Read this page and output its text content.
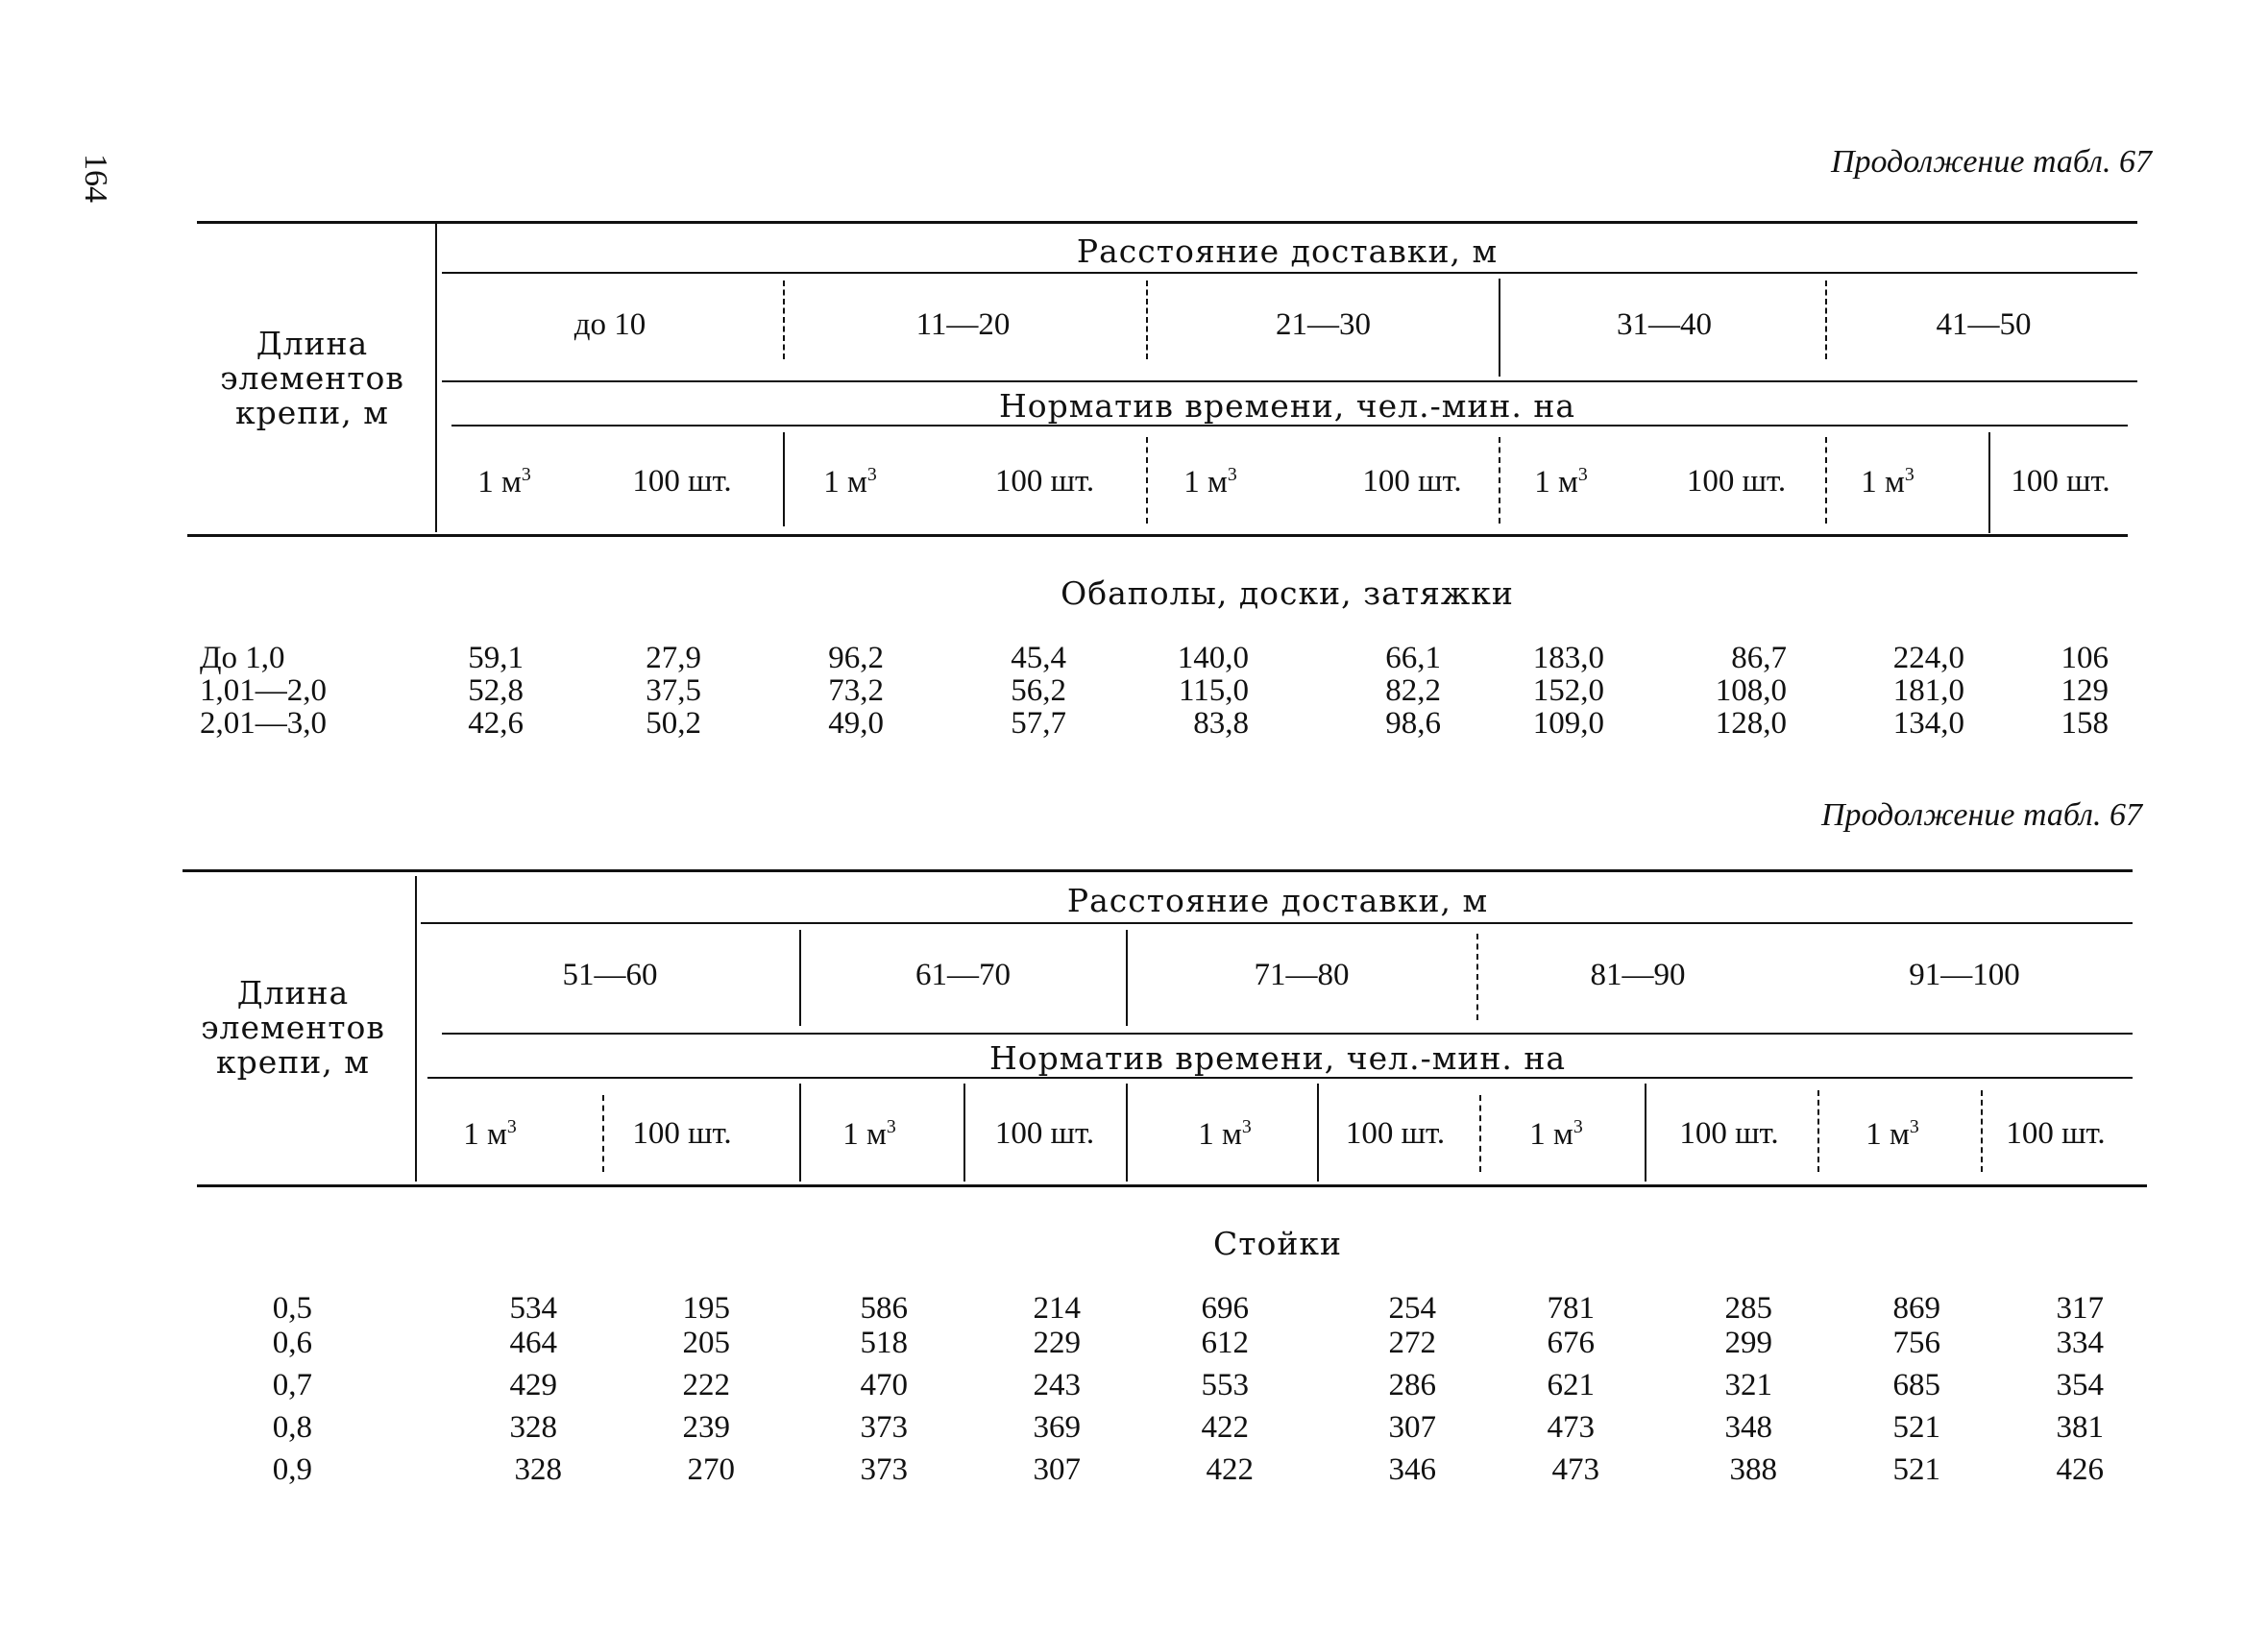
164	Продолжение табл. 67
Длина
элементов
крепи, м
Расстояние доставки, м
до 10	11—20	21—30	31—40	41—50
Норматив времени, чел.-мин. на
1 $м^3$	100 шт.	1 $м^3$	100 шт.	1 $м^3$	100 шт.	1 $м^3$	100 шт.	1 $м^3$	100 шт.
Обаполы, доски, затяжки
До 1,0	59,1	27,9	96,2	45,4	140,0	66,1	183,0	86,7	224,0	106
1,01—2,0	52,8	37,5	73,2	56,2	115,0	82,2	152,0	108,0	181,0	129
2,01—3,0	42,6	50,2	49,0	57,7	83,8	98,6	109,0	128,0	134,0	158
Продолжение табл. 67
Длина
элементов
крепи, м
Расстояние доставки, м
51—60	61—70	71—80	81—90	91—100
Норматив времени, чел.-мин. на
1 $м^3$	100 шт.	1 $м^3$	100 шт.	1 $м^3$	100 шт.	1 $м^3$	100 шт.	1 $м^3$	100 шт.
Стойки
0,5	534	195	586	214	696	254	781	285	869	317
0,6	464	205	518	229	612	272	676	299	756	334
0,7	429	222	470	243	553	286	621	321	685	354
0,8	328	239	373	369	422	307	473	348	521	381
0,9	328	270	373	307	422	346	473	388	521	426
